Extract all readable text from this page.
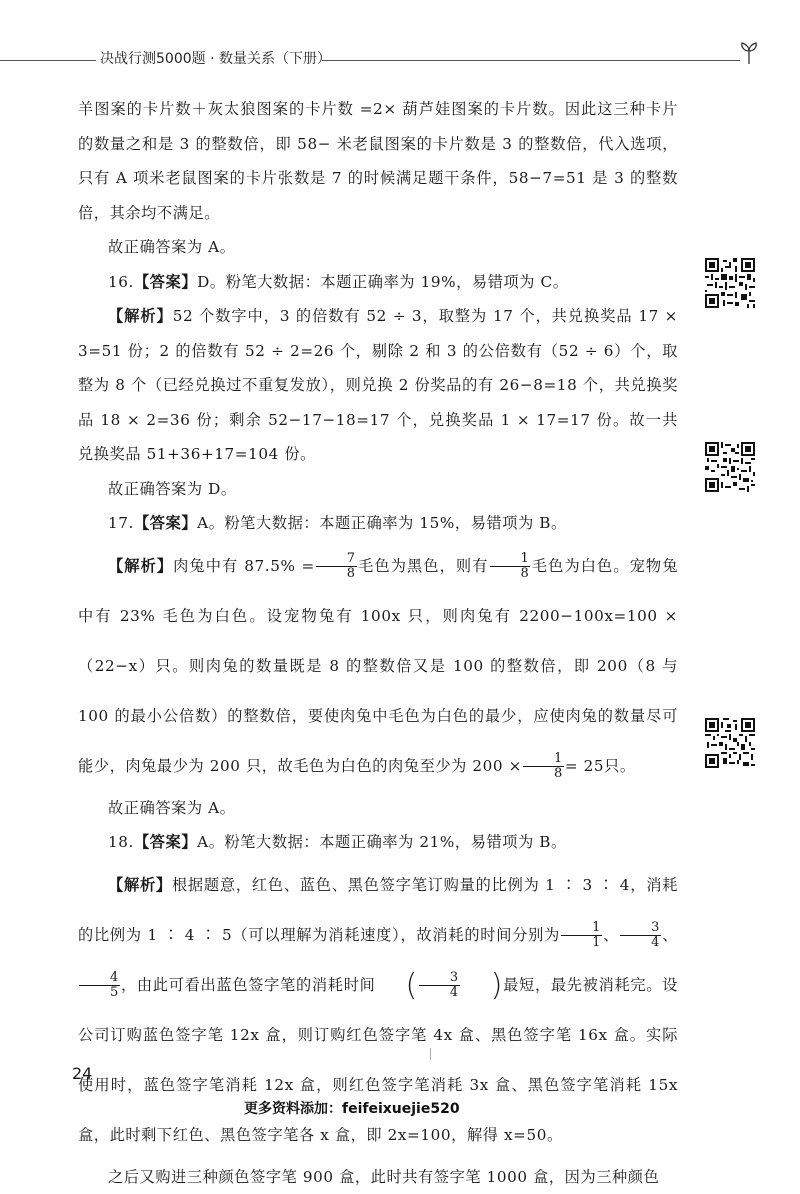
决战行测5000题 · 数量关系（下册）

羊图案的卡片数＋灰太狼图案的卡片数 =2× 葫芦娃图案的卡片数。因此这三种卡片的数量之和是 3 的整数倍，即 58− 米老鼠图案的卡片数是 3 的整数倍，代入选项，只有 A 项米老鼠图案的卡片张数是 7 的时候满足题干条件，58−7=51 是 3 的整数倍，其余均不满足。

故正确答案为 A。

16.【答案】D。粉笔大数据：本题正确率为 19%，易错项为 C。

【解析】52 个数字中，3 的倍数有 52 ÷ 3，取整为 17 个，共兑换奖品 17 × 3=51 份；2 的倍数有 52 ÷ 2=26 个，剔除 2 和 3 的公倍数有（52 ÷ 6）个，取整为 8 个（已经兑换过不重复发放），则兑换 2 份奖品的有 26−8=18 个，共兑换奖品 18 × 2=36 份；剩余 52−17−18=17 个，兑换奖品 1 × 17=17 份。故一共兑换奖品 51+36+17=104 份。

故正确答案为 D。

17.【答案】A。粉笔大数据：本题正确率为 15%，易错项为 B。

【解析】肉兔中有 $87.5\% = \frac{7}{8}$ 毛色为黑色，则有 $\frac{1}{8}$ 毛色为白色。宠物兔中有 23% 毛色为白色。设宠物兔有 100x 只，则肉兔有 2200−100x=100 ×（22−x）只。则肉兔的数量既是 8 的整数倍又是 100 的整数倍，即 200（8 与 100 的最小公倍数）的整数倍，要使肉兔中毛色为白色的最少，应使肉兔的数量尽可能少，肉兔最少为 200 只，故毛色为白色的肉兔至少为 $200 \times \frac{1}{8} = 25$只。

故正确答案为 A。

18.【答案】A。粉笔大数据：本题正确率为 21%，易错项为 B。

【解析】根据题意，红色、蓝色、黑色签字笔订购量的比例为 1 ∶ 3 ∶ 4，消耗的比例为 1 ∶ 4 ∶ 5（可以理解为消耗速度），故消耗的时间分别为 $\frac{1}{1}$ 、 $\frac{3}{4}$ 、
$\frac{4}{5}$ ，由此可看出蓝色签字笔的消耗时间 ( $\frac{3}{4}$ )最短，最先被消耗完。设公司订购蓝色签字笔 12x 盒，则订购红色签字笔 4x 盒、黑色签字笔 16x 盒。实际使用时，蓝色签字笔消耗 12x 盒，则红色签字笔消耗 3x 盒、黑色签字笔消耗 15x 盒，此时剩下红色、黑色签字笔各 x 盒，即 2x=100，解得 x=50。

之后又购进三种颜色签字笔 900 盒，此时共有签字笔 1000 盒，因为三种颜色

24
更多资料添加：feifeixuejie520
